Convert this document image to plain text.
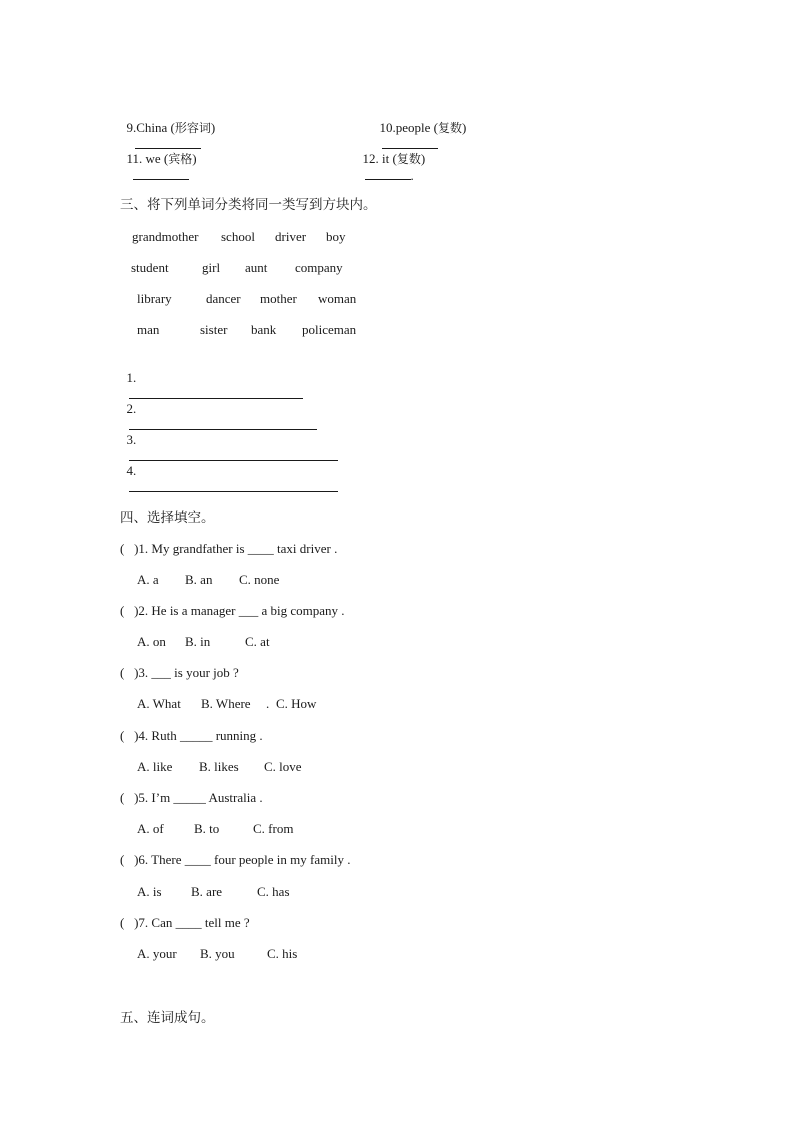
9.China (形容词)
	10.people (复数)

11. we (宾格)
	12. it (复数)
.

三、将下列单词分类将同一类写到方块内。
grandmother school driver boy
student	girl aunt company
library	dancer mother woman
man	sister bank policeman

1.

2.

3.

4.

四、选择填空。
(   )1. My grandfather is ____ taxi driver .
A. a B. an C. none
(   )2. He is a manager ___ a big company .
A. on B. in	C. at
(   )3. ___ is your job ?
A. What B. Where . C. How
(   )4. Ruth _____ running .
A. like B. likes C. love
(   )5. I’m _____ Australia .
A. of B. to	C. from
(   )6. There ____ four people in my family .
A. is B. are	C. has
(   )7. Can ____ tell me ?
A. your B. you C. his
五、连词成句。
